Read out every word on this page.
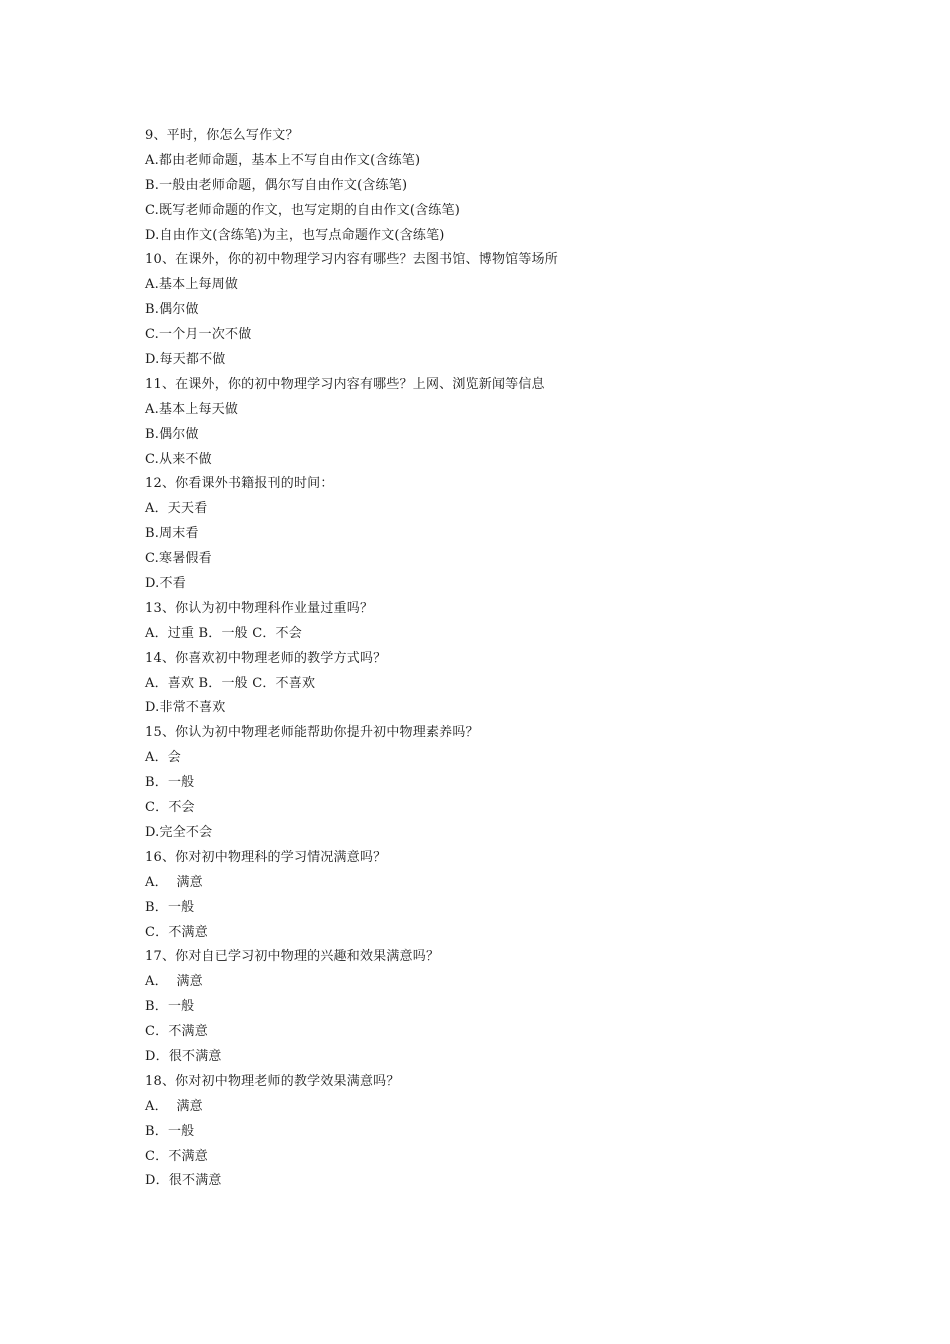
9、平时，你怎么写作文？
A.都由老师命题，基本上不写自由作文(含练笔)
B.一般由老师命题，偶尔写自由作文(含练笔)
C.既写老师命题的作文，也写定期的自由作文(含练笔)
D.自由作文(含练笔)为主，也写点命题作文(含练笔)
10、在课外，你的初中物理学习内容有哪些？去图书馆、博物馆等场所
A.基本上每周做
B.偶尔做
C.一个月一次不做
D.每天都不做
11、在课外，你的初中物理学习内容有哪些？上网、浏览新闻等信息
A.基本上每天做
B.偶尔做
C.从来不做
12、你看课外书籍报刊的时间：
A．天天看
B.周末看
C.寒暑假看
D.不看
13、你认为初中物理科作业量过重吗？
A．过重 B．一般 C．不会
14、你喜欢初中物理老师的教学方式吗？
A．喜欢 B．一般 C．不喜欢
D.非常不喜欢
15、你认为初中物理老师能帮助你提升初中物理素养吗？
A．会
B．一般
C．不会
D.完全不会
16、你对初中物理科的学习情况满意吗？
A．  满意
B．一般
C．不满意
17、你对自已学习初中物理的兴趣和效果满意吗？
A．  满意
B．一般
C．不满意
D．很不满意
18、你对初中物理老师的教学效果满意吗？
A．  满意
B．一般
C．不满意
D．很不满意
